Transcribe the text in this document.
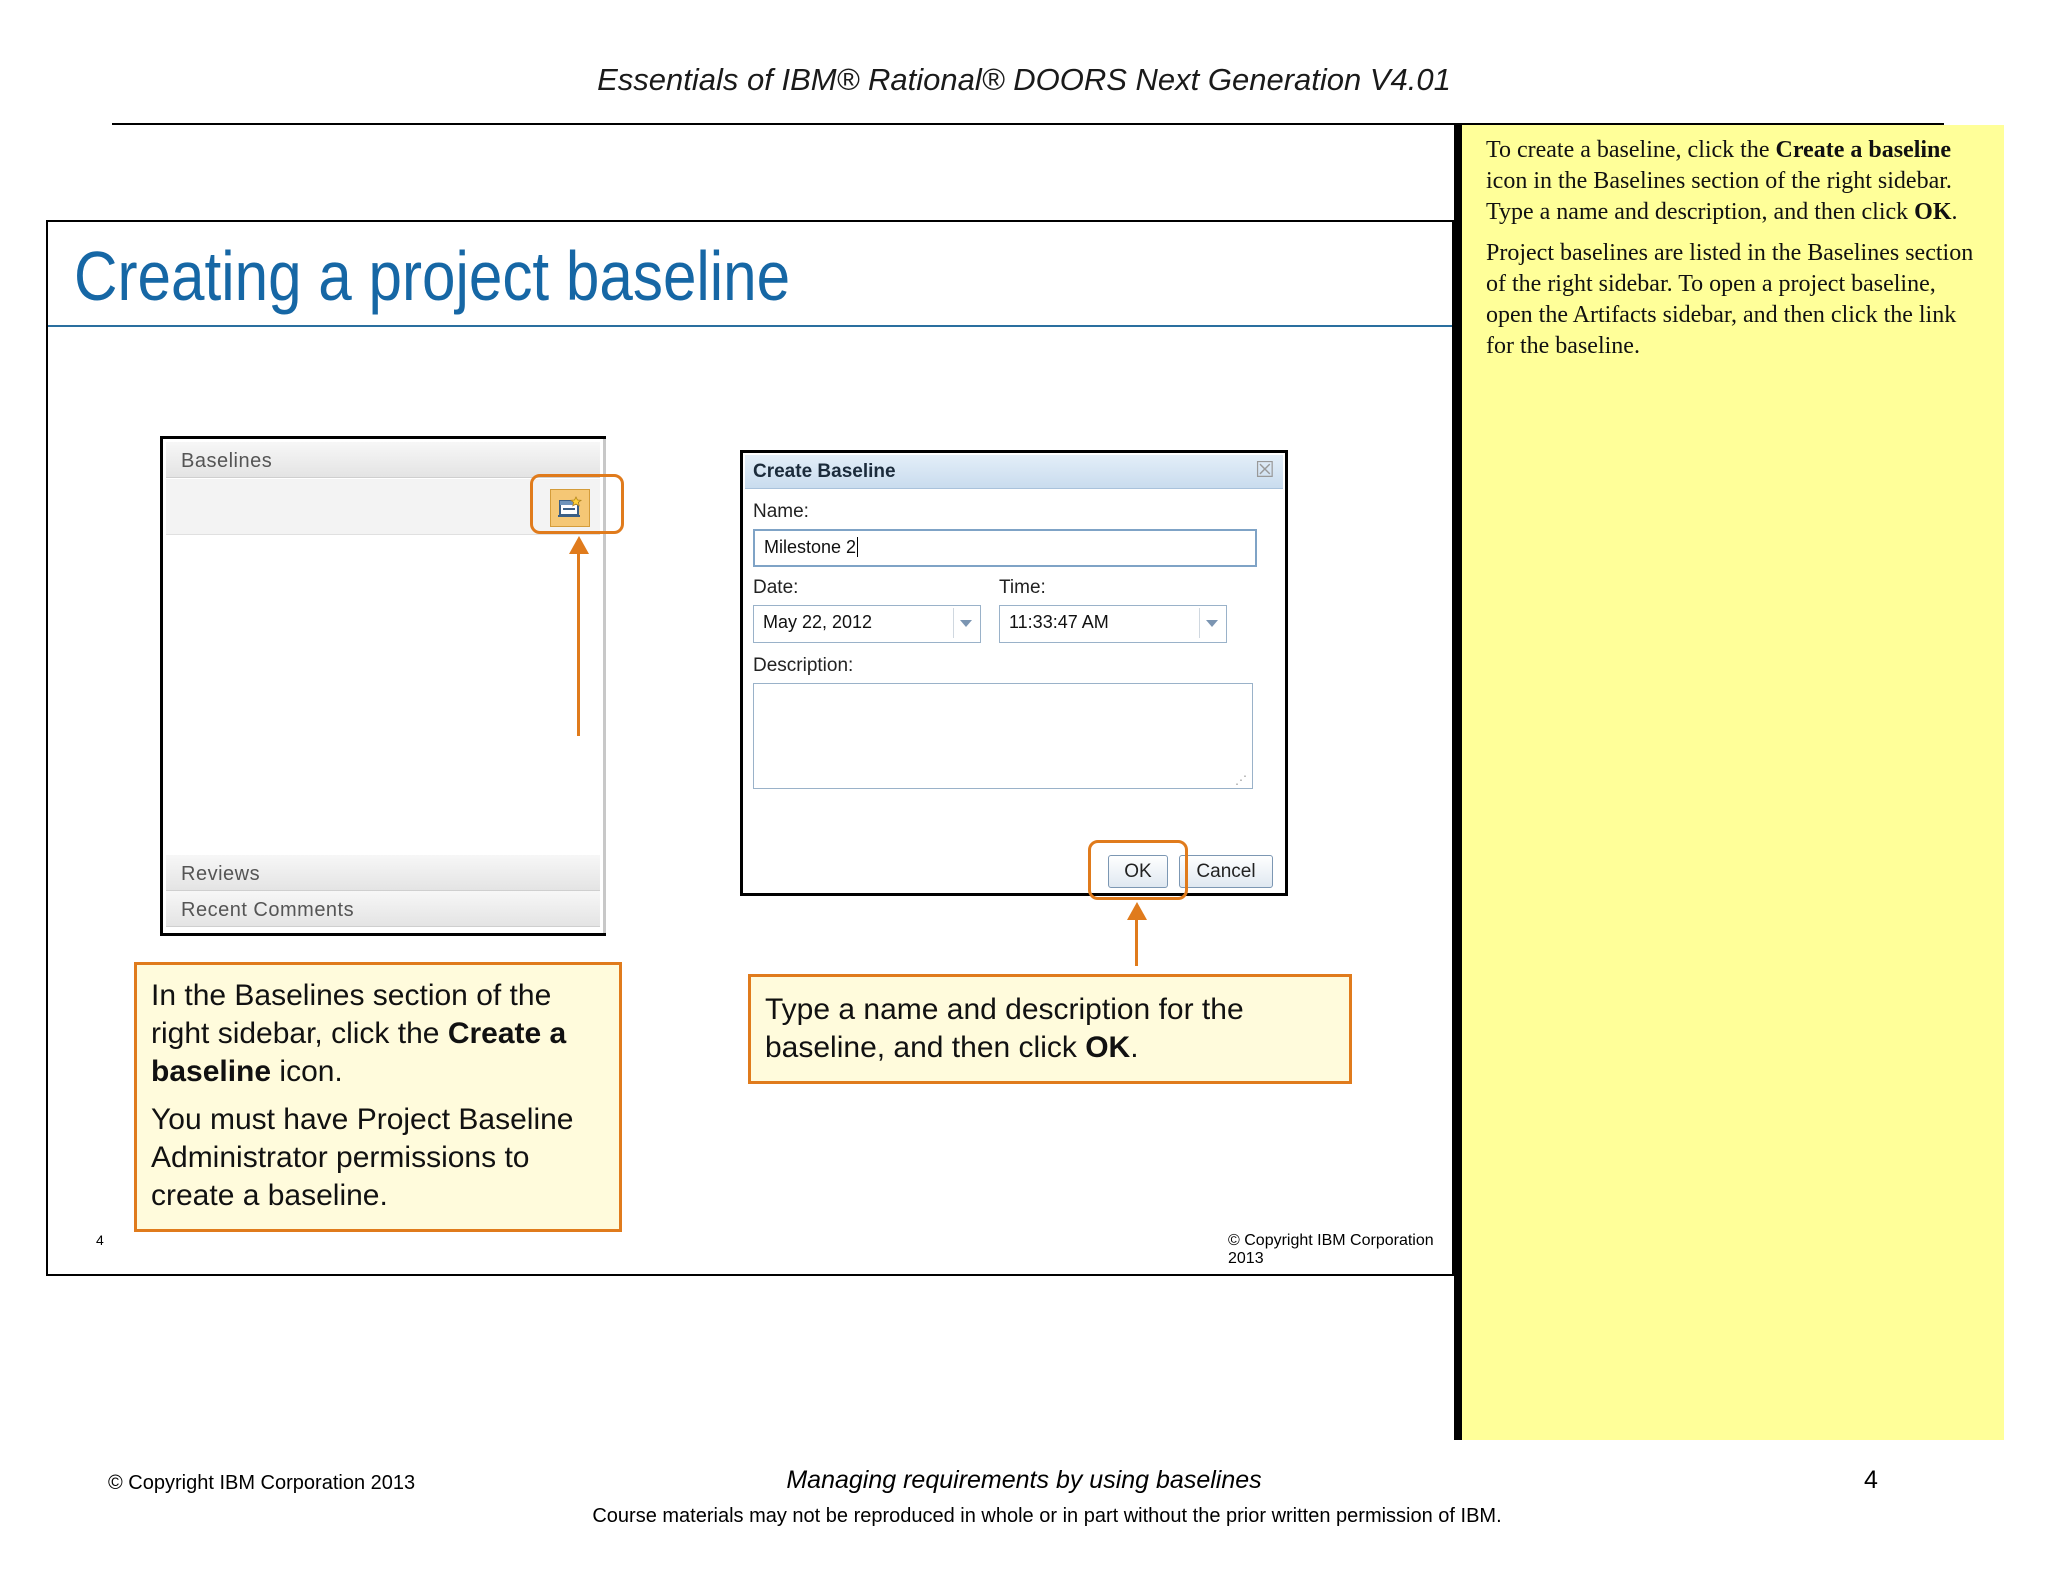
Essentials of IBM® Rational® DOORS Next Generation V4.01
Creating a project baseline
Baselines
Reviews
Recent Comments
Create Baseline	☒
Name:
Milestone 2
Date:
May 22, 2012
Time:
11:33:47 AM
Description:
⋰
OK	Cancel

In the Baselines section of the right sidebar, click the Create a baseline icon.

You must have Project Baseline Administrator permissions to create a baseline.

Type a name and description for the baseline, and then click OK.

4	© Copyright IBM Corporation 2013

To create a baseline, click the Create a baseline icon in the Baselines section of the right sidebar. Type a name and description, and then click OK.

Project baselines are listed in the Baselines section of the right sidebar. To open a project baseline, open the Artifacts sidebar, and then click the link for the baseline.

© Copyright IBM Corporation 2013	Managing requirements by using baselines	4
Course materials may not be reproduced in whole or in part without the prior written permission of IBM.
